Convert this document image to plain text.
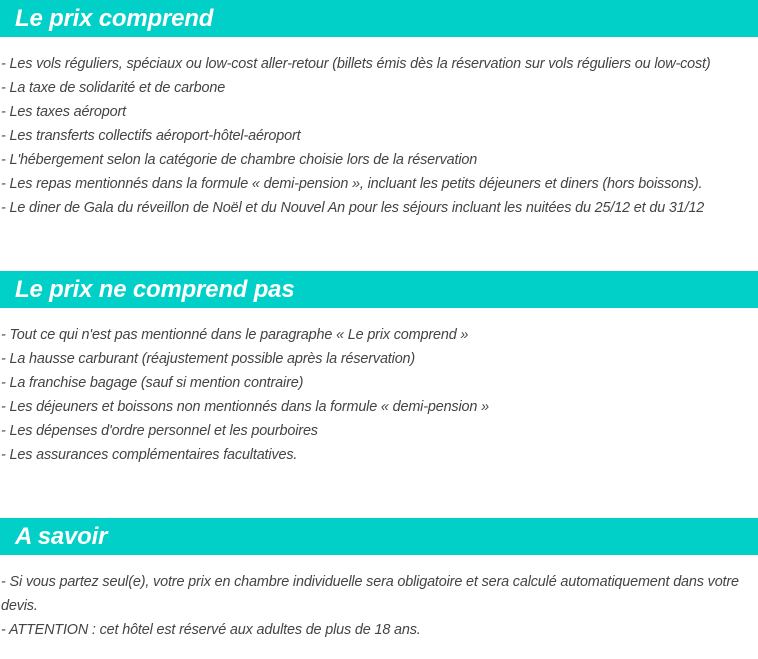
Le prix comprend
- Les vols réguliers, spéciaux ou low-cost aller-retour (billets émis dès la réservation sur vols réguliers ou low-cost)
- La taxe de solidarité et de carbone
- Les taxes aéroport
- Les transferts collectifs aéroport-hôtel-aéroport
- L'hébergement selon la catégorie de chambre choisie lors de la réservation
- Les repas mentionnés dans la formule « demi-pension », incluant les petits déjeuners et diners (hors boissons).
- Le diner de Gala du réveillon de Noël et du Nouvel An pour les séjours incluant les nuitées du 25/12 et du 31/12
Le prix ne comprend pas
- Tout ce qui n'est pas mentionné dans le paragraphe « Le prix comprend »
- La hausse carburant (réajustement possible après la réservation)
- La franchise bagage (sauf si mention contraire)
- Les déjeuners et boissons non mentionnés dans la formule « demi-pension »
- Les dépenses d'ordre personnel et les pourboires
- Les assurances complémentaires facultatives.
A savoir
- Si vous partez seul(e), votre prix en chambre individuelle sera obligatoire et sera calculé automatiquement dans votre devis.
- ATTENTION : cet hôtel est réservé aux adultes de plus de 18 ans.
